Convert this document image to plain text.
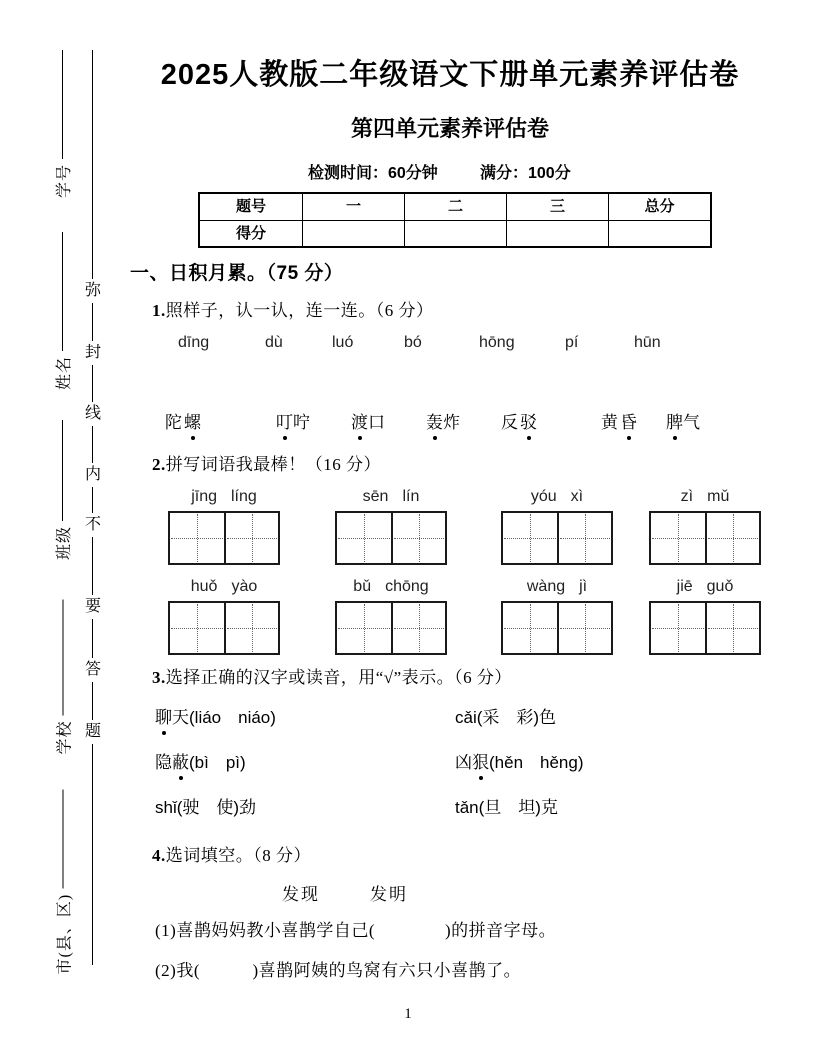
学号
姓名
班级
学校
市(县、区)
弥
封
线
内
不
要
答
题
2025人教版二年级语文下册单元素养评估卷
第四单元素养评估卷
检测时间：60分钟	满分：100分
题号	一	二	三	总分
得分
一、日积月累。（75 分）
1.照样子，认一认，连一连。（6 分）
dīng	dù	luó	bó	hōng	pí	hūn
陀螺	叮咛 渡口 轰炸 反驳	黄昏 脾气
2.拼写词语我最棒！（16 分）
jīng líng	sēn lín	yóu xì	zì mǔ
huǒ yào	bǔ chōng	wàng jì	jiē guǒ
3.选择正确的汉字或读音，用“√”表示。（6 分）
聊天(liáo　niáo)	cǎi(采　彩)色
隐蔽(bì　pì)	凶狠(hěn　hěng)
shǐ(驶　使)劲	tǎn(旦　坦)克
4.选词填空。（8 分）
发现	发明
(1)喜鹊妈妈教小喜鹊学自己(　　　　)的拼音字母。
(2)我(　　　)喜鹊阿姨的鸟窝有六只小喜鹊了。
1
